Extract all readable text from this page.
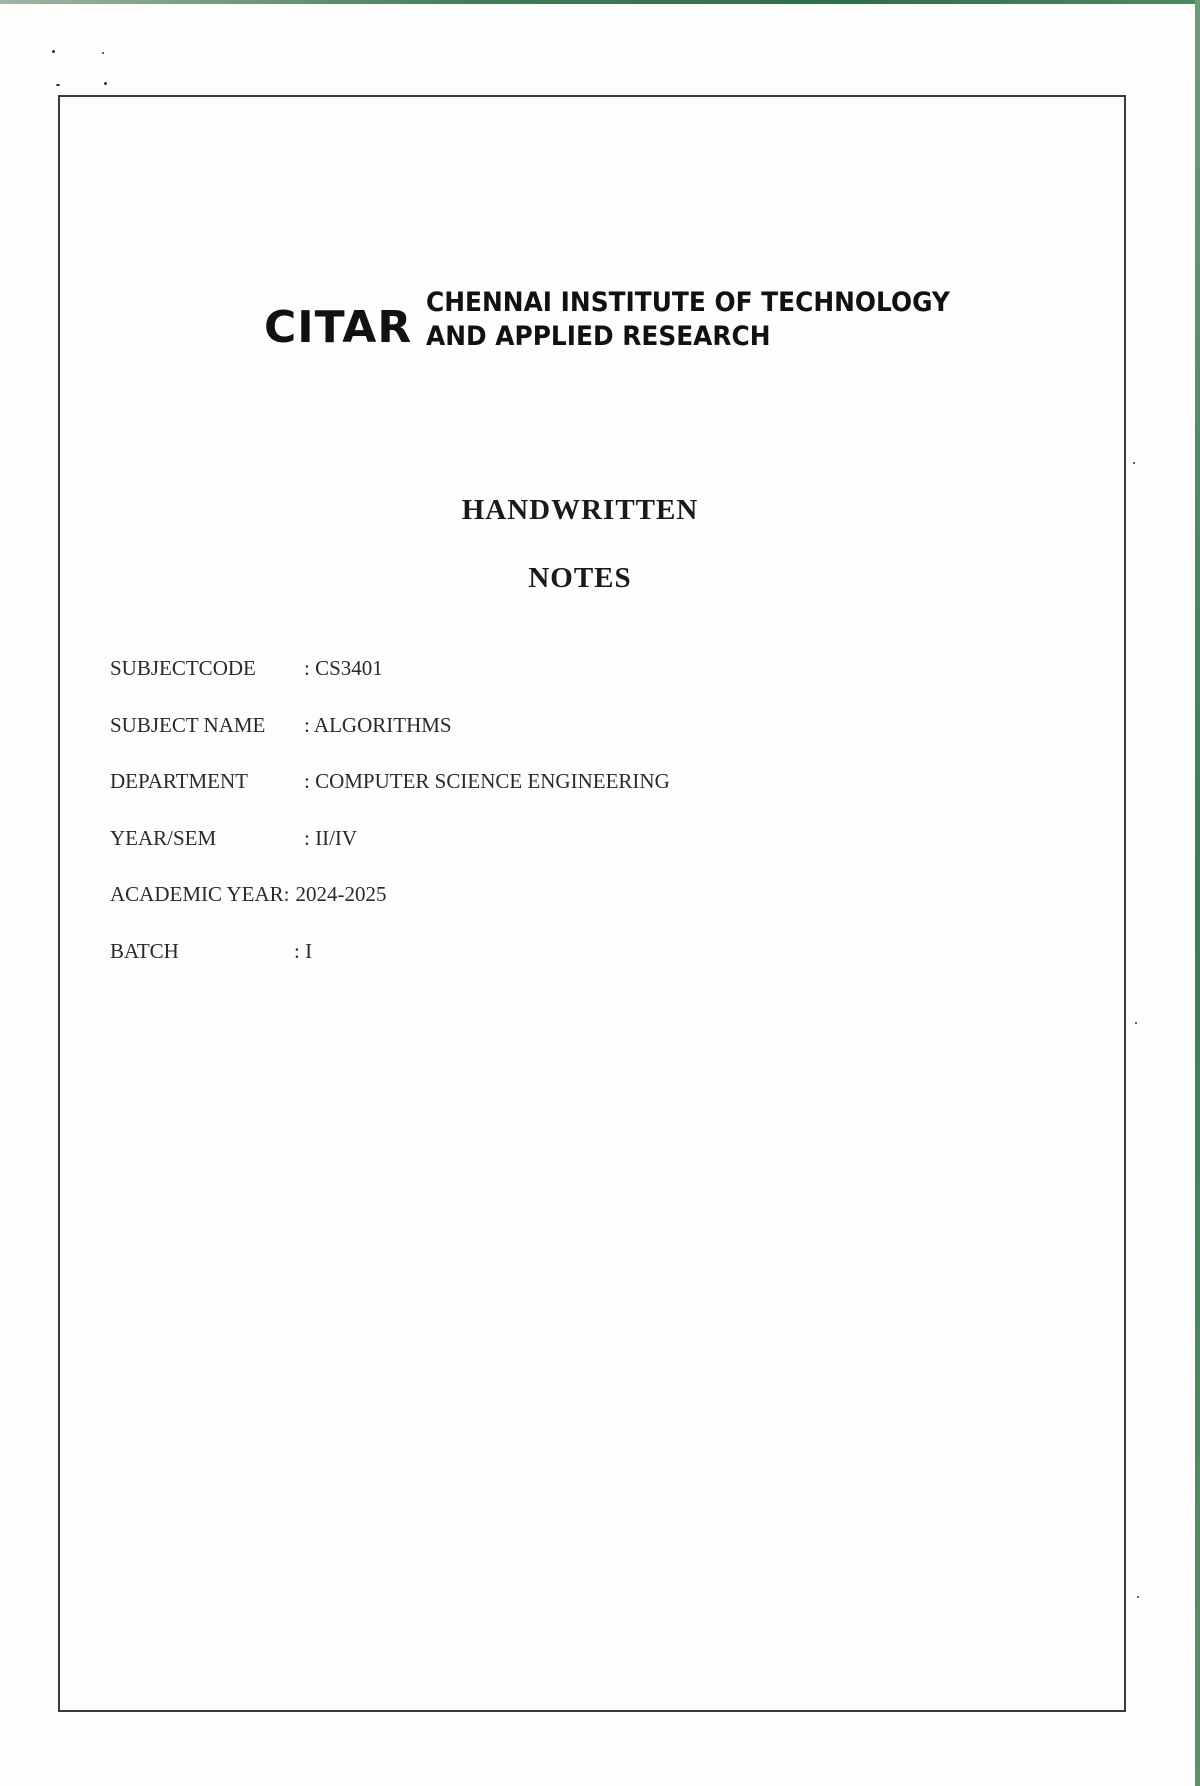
CITAR CHENNAI INSTITUTE OF TECHNOLOGY
AND APPLIED RESEARCH
HANDWRITTEN
NOTES
SUBJECTCODE	: CS3401
SUBJECT NAME	: ALGORITHMS
DEPARTMENT	: COMPUTER SCIENCE ENGINEERING
YEAR/SEM	: II/IV
ACADEMIC YEAR: 2024-2025
BATCH	: I
